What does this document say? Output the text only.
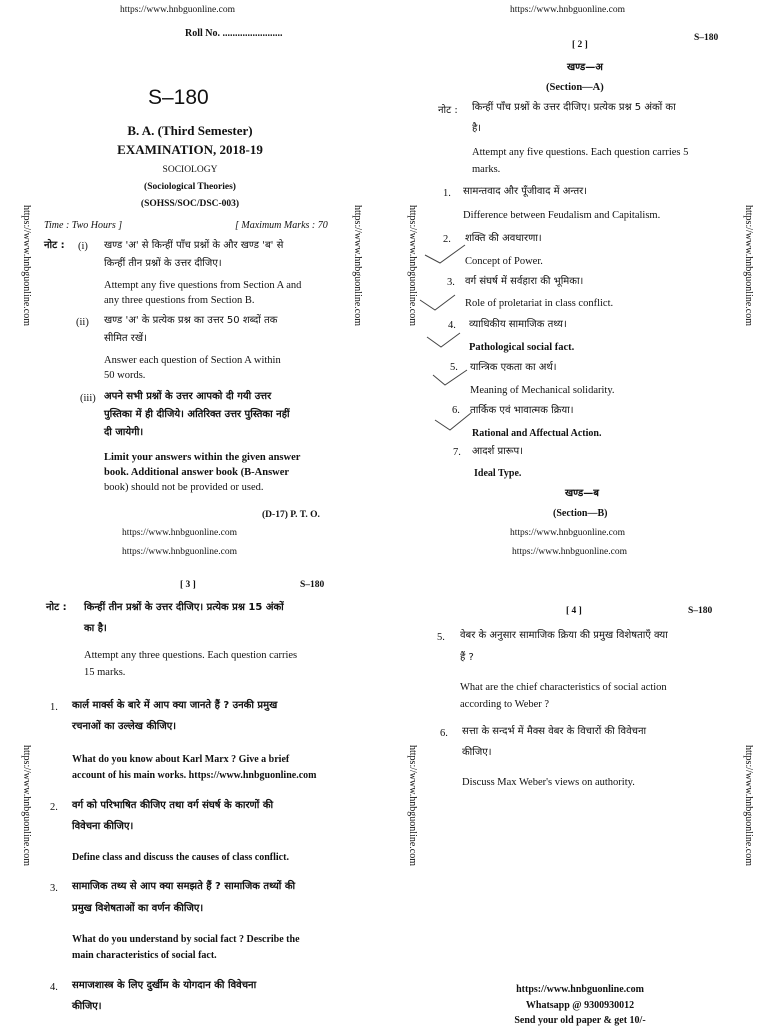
https://www.hnbguonline.com	https://www.hnbguonline.com
https://www.hnbguonline.com	https://www.hnbguonline.com	https://www.hnbguonline.com	https://www.hnbguonline.com
https://www.hnbguonline.com	https://www.hnbguonline.com	https://www.hnbguonline.com
Roll No. ........................
S–180
B. A. (Third Semester)
EXAMINATION, 2018-19
SOCIOLOGY
(Sociological Theories)
(SOHSS/SOC/DSC-003)
Time : Two Hours ]	[ Maximum Marks : 70
नोट : (i) खण्ड 'अ' से किन्हीं पाँच प्रश्नों के और खण्ड 'ब' से
किन्हीं तीन प्रश्नों के उत्तर दीजिए।
Attempt any five questions from Section A and
any three questions from Section B.
(ii) खण्ड 'अ' के प्रत्येक प्रश्न का उत्तर 50 शब्दों तक
सीमित रखें।
Answer each question of Section A within
50 words.
(iii) अपने सभी प्रश्नों के उत्तर आपको दी गयी उत्तर
पुस्तिका में ही दीजिये। अतिरिक्त उत्तर पुस्तिका नहीं
दी जायेगी।
Limit your answers within the given answer
book. Additional answer book (B-Answer
book) should not be provided or used.
(D-17) P. T. O.
https://www.hnbguonline.com
https://www.hnbguonline.com
[ 2 ]
S–180
खण्ड—अ
(Section—A)
नोट : किन्हीं पाँच प्रश्नों के उत्तर दीजिए। प्रत्येक प्रश्न 5 अंकों का
है।
Attempt any five questions. Each question carries 5
marks.
1. सामन्तवाद और पूँजीवाद में अन्तर।
Difference between Feudalism and Capitalism.
2. शक्ति की अवधारणा।
Concept of Power.
3. वर्ग संघर्ष में सर्वहारा की भूमिका।
Role of proletariat in class conflict.
4. व्याधिकीय सामाजिक तथ्य।
Pathological social fact.
5. यान्त्रिक एकता का अर्थ।
Meaning of Mechanical solidarity.
6. तार्किक एवं भावात्मक क्रिया।
Rational and Affectual Action.
7. आदर्श प्रारूप।
Ideal Type.
खण्ड—ब
(Section—B)
https://www.hnbguonline.com
https://www.hnbguonline.com
[ 3 ]	S–180
नोट : किन्हीं तीन प्रश्नों के उत्तर दीजिए। प्रत्येक प्रश्न 15 अंकों
का है।
Attempt any three questions. Each question carries
15 marks.
1. कार्ल मार्क्स के बारे में आप क्या जानते हैं ? उनकी प्रमुख
रचनाओं का उल्लेख कीजिए।
What do you know about Karl Marx ? Give a brief
account of his main works. https://www.hnbguonline.com
2. वर्ग को परिभाषित कीजिए तथा वर्ग संघर्ष के कारणों की
विवेचना कीजिए।
Define class and discuss the causes of class conflict.
3. सामाजिक तथ्य से आप क्या समझते हैं ? सामाजिक तथ्यों की
प्रमुख विशेषताओं का वर्णन कीजिए।
What do you understand by social fact ? Describe the
main characteristics of social fact.
4. समाजशास्त्र के लिए दुर्खीम के योगदान की विवेचना
कीजिए।
[ 4 ]	S–180
5. वेबर के अनुसार सामाजिक क्रिया की प्रमुख विशेषताएँ क्या
हैं ?
What are the chief characteristics of social action
according to Weber ?
6. सत्ता के सन्दर्भ में मैक्स वेबर के विचारों की विवेचना
कीजिए।
Discuss Max Weber's views on authority.
https://www.hnbguonline.com
Whatsapp @ 9300930012
Send your old paper & get 10/-
